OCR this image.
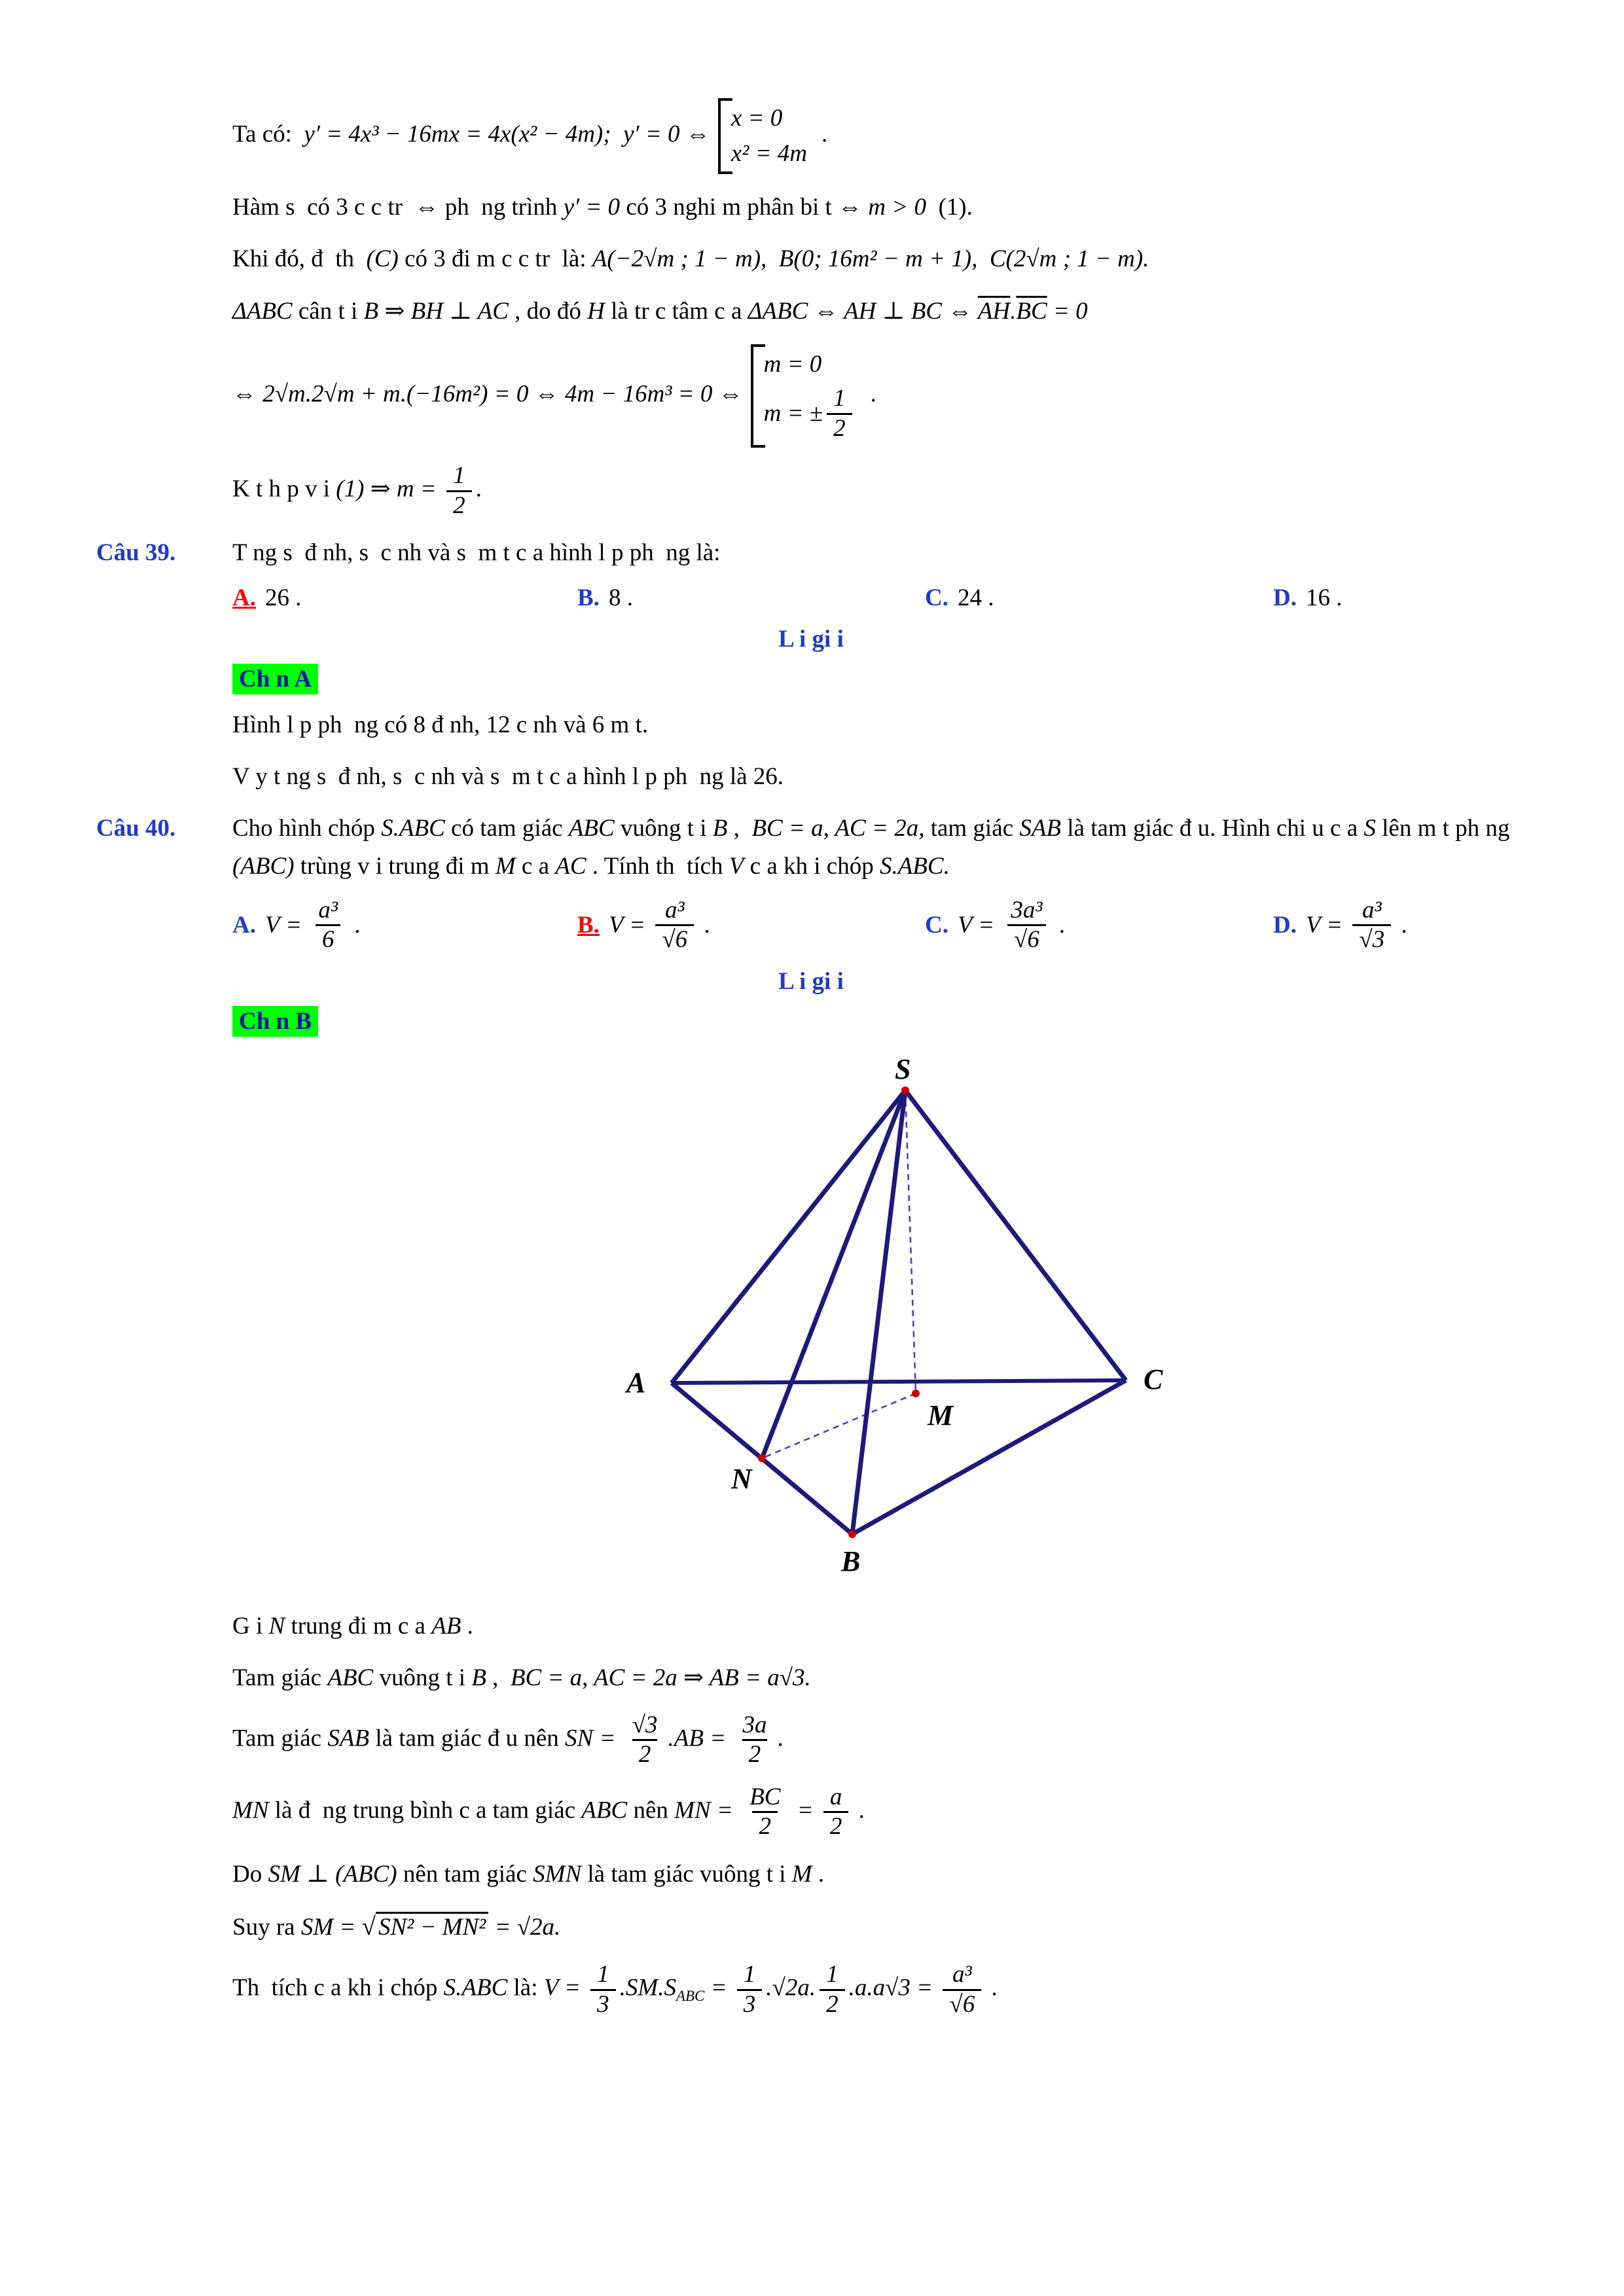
Ta có:  y′ = 4x³ − 16mx = 4x(x² − 4m);  y′ = 0 ⇔
x = 0
x² = 4m
.

Hàm s  có 3 c c tr  ⇔ ph  ng trình y′ = 0 có 3 nghi m phân bi t ⇔ m > 0  (1).

Khi đó, đ  th  (C) có 3 đi m c c tr  là: A(−2√m ; 1 − m),  B(0; 16m² − m + 1),  C(2√m ; 1 − m).

ΔABC cân t i B ⇒ BH ⊥ AC , do đó H là tr c tâm c a ΔABC ⇔ AH ⊥ BC ⇔ $\overline{AH}.\overline{BC} = 0$

⇔ 2√m.2√m + m.(−16m²) = 0 ⇔ 4m − 16m³ = 0 ⇔
m = 0
m = ± $\frac{1}{2}$ .

K t h p v i (1) ⇒ $m = \frac{1}{2}$ .

Câu 39.	T ng s  đ nh, s  c nh và s  m t c a hình l p ph  ng là:
A. 26 .	B. 8 .	C. 24 .	D. 16 .
L i gi i
Ch n A

Hình l p ph  ng có 8 đ nh, 12 c nh và 6 m t.

V y t ng s  đ nh, s  c nh và s  m t c a hình l p ph  ng là 26.

Câu 40.	Cho hình chóp S.ABC có tam giác ABC vuông t i B ,  BC = a, AC = 2a, tam giác SAB là tam giác đ u. Hình chi u c a S lên m t ph ng (ABC) trùng v i trung đi m M c a AC . Tính th  tích V c a kh i chóp S.ABC.
A. $V = \frac{\text{a³}}{6}$ .	B. $V = \frac{\text{a³}}{√6}$ .	C. $V = \frac{\text{3a³}}{√6}$ .	D. $V = \frac{\text{a³}}{√3}$ .
L i gi i
Ch n B
S
A	C
M
N
B

G i N trung đi m c a AB .

Tam giác ABC vuông t i B ,  BC = a, AC = 2a ⇒ AB = a√3.

Tam giác SAB là tam giác đ u nên SN = $\frac{√3}{2} .AB = \frac{3a}{2}$ .

MN là đ  ng trung bình c a tam giác ABC nên MN = $\frac{BC}{2} = \frac{a}{2}$ .

Do SM ⊥ (ABC) nên tam giác SMN là tam giác vuông t i M .

Suy ra SM = √ SN² − MN² = √2a.

Th  tích c a kh i chóp S.ABC là: $V = \frac{1}{3} .SM.S_{ABC} = \frac{1}{3} .√2a$. $\frac{1}{2} .a.a√3 = \frac{\text{a³}}{√6}$ .
